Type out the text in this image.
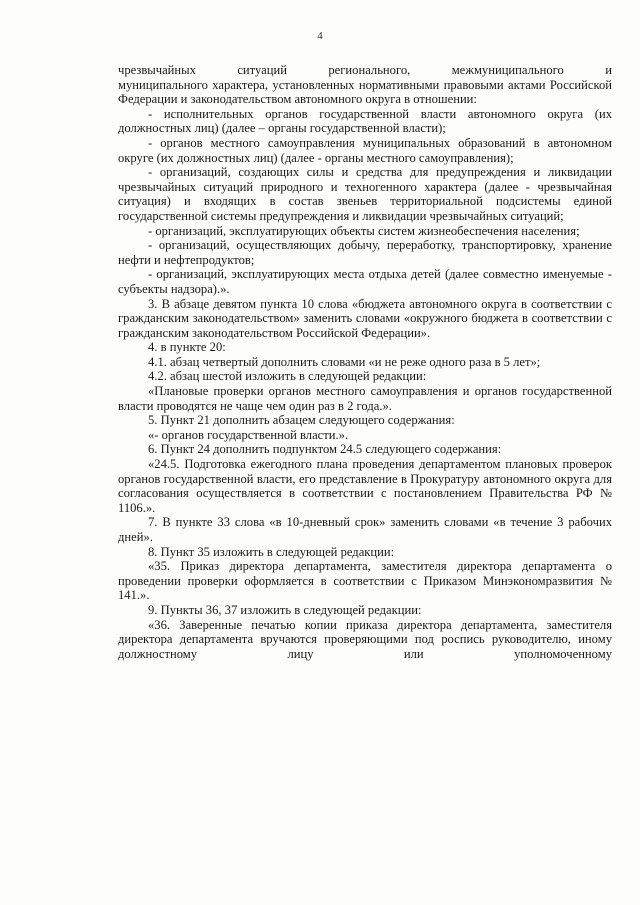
4

чрезвычайных ситуаций регионального, межмуниципального и

муниципального характера, установленных нормативными правовыми актами Российской Федерации и законодательством автономного округа в отношении:

- исполнительных органов государственной власти автономного округа (их должностных лиц) (далее – органы государственной власти);

- органов местного самоуправления муниципальных образований в автономном округе (их должностных лиц) (далее - органы местного самоуправления);

- организаций, создающих силы и средства для предупреждения и ликвидации чрезвычайных ситуаций природного и техногенного характера (далее - чрезвычайная ситуация) и входящих в состав звеньев территориальной подсистемы единой государственной системы предупреждения и ликвидации чрезвычайных ситуаций;

- организаций, эксплуатирующих объекты систем жизнеобеспечения населения;

- организаций, осуществляющих добычу, переработку, транспортировку, хранение нефти и нефтепродуктов;

- организаций, эксплуатирующих места отдыха детей (далее совместно именуемые - субъекты надзора).».

3. В абзаце девятом пункта 10 слова «бюджета автономного округа в соответствии с гражданским законодательством» заменить словами «окружного бюджета в соответствии с гражданским законодательством Российской Федерации».

4. в пункте 20:

4.1. абзац четвертый дополнить словами «и не реже одного раза в 5 лет»;

4.2. абзац шестой изложить в следующей редакции:

«Плановые проверки органов местного самоуправления и органов государственной власти проводятся не чаще чем один раз в 2 года.».

5. Пункт 21 дополнить абзацем следующего содержания:

«- органов государственной власти.».

6. Пункт 24 дополнить подпунктом 24.5 следующего содержания:

«24.5. Подготовка ежегодного плана проведения департаментом плановых проверок органов государственной власти, его представление в Прокуратуру автономного округа для согласования осуществляется в соответствии с постановлением Правительства РФ № 1106.».

7. В пункте 33 слова «в 10-дневный срок» заменить словами «в течение 3 рабочих дней».

8. Пункт 35 изложить в следующей редакции:

«35. Приказ директора департамента, заместителя директора департамента о проведении проверки оформляется в соответствии с Приказом Минэкономразвития № 141.».

9. Пункты 36, 37 изложить в следующей редакции:

«36. Заверенные печатью копии приказа директора департамента, заместителя директора департамента вручаются проверяющими под роспись руководителю, иному должностному лицу или уполномоченному
